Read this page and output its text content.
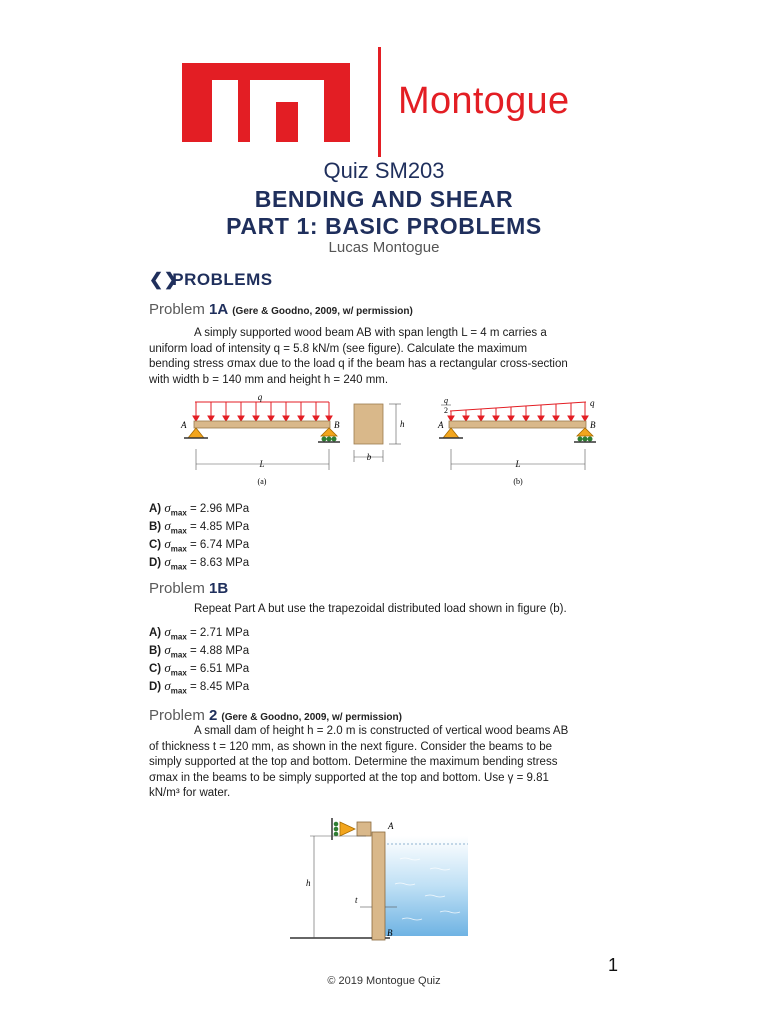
Montogue
Quiz SM203
BENDING AND SHEAR
PART 1: BASIC PROBLEMS
Lucas Montogue
❮❯ PROBLEMS
Problem 1A (Gere & Goodno, 2009, w/ permission)
A simply supported wood beam AB with span length L = 4 m carries a
uniform load of intensity q = 5.8 kN/m (see figure). Calculate the maximum
bending stress σmax due to the load q if the beam has a rectangular cross-section
with width b = 140 mm and height h = 240 mm.
q
A	B
L
(a)
h
b
q
2
q
A	B
L
(b)
A) $\sigma_{max} = 2.96$ MPa
B) $\sigma_{max} = 4.85$ MPa
C) $\sigma_{max} = 6.74$ MPa
D) $\sigma_{max} = 8.63$ MPa
Problem 1B
Repeat Part A but use the trapezoidal distributed load shown in figure (b).
A) $\sigma_{max} = 2.71$ MPa
B) $\sigma_{max} = 4.88$ MPa
C) $\sigma_{max} = 6.51$ MPa
D) $\sigma_{max} = 8.45$ MPa
Problem 2 (Gere & Goodno, 2009, w/ permission)
A small dam of height h = 2.0 m is constructed of vertical wood beams AB
of thickness t = 120 mm, as shown in the next figure. Consider the beams to be
simply supported at the top and bottom. Determine the maximum bending stress
σmax in the beams to be simply supported at the top and bottom. Use γ = 9.81
kN/m³ for water.
h
t
A
B
1
© 2019 Montogue Quiz
